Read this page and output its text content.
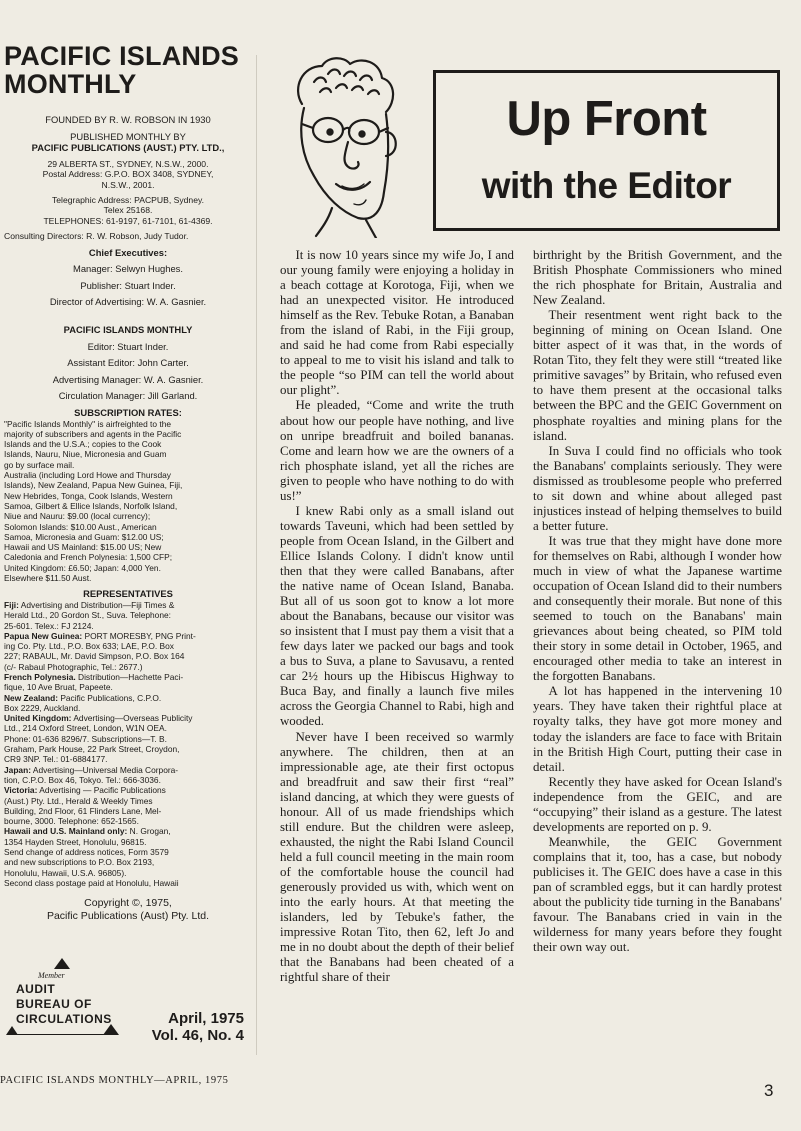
PACIFIC ISLANDS
MONTHLY

FOUNDED BY R. W. ROBSON IN 1930

PUBLISHED MONTHLY BY

PACIFIC PUBLICATIONS (AUST.) PTY. LTD.,

29 ALBERTA ST., SYDNEY, N.S.W., 2000.

Postal Address: G.P.O. BOX 3408, SYDNEY,

N.S.W., 2001.

Telegraphic Address: PACPUB, Sydney.

Telex 25168.

TELEPHONES: 61-9197, 61-7101, 61-4369.

Consulting Directors: R. W. Robson, Judy Tudor.

Chief Executives:

Manager: Selwyn Hughes.

Publisher: Stuart Inder.

Director of Advertising: W. A. Gasnier.

PACIFIC ISLANDS MONTHLY

Editor: Stuart Inder.

Assistant Editor: John Carter.

Advertising Manager: W. A. Gasnier.

Circulation Manager: Jill Garland.

SUBSCRIPTION RATES:

"Pacific Islands Monthly" is airfreighted to the

majority of subscribers and agents in the Pacific

Islands and the U.S.A.; copies to the Cook

Islands, Nauru, Niue, Micronesia and Guam

go by surface mail.

Australia (including Lord Howe and Thursday

Islands), New Zealand, Papua New Guinea, Fiji,

New Hebrides, Tonga, Cook Islands, Western

Samoa, Gilbert & Ellice Islands, Norfolk Island,

Niue and Nauru: $9.00 (local currency);

Solomon Islands: $10.00 Aust., American

Samoa, Micronesia and Guam: $12.00 US;

Hawaii and US Mainland: $15.00 US; New

Caledonia and French Polynesia: 1,500 CFP;

United Kingdom: £6.50; Japan: 4,000 Yen.

Elsewhere $11.50 Aust.

REPRESENTATIVES

Fiji: Advertising and Distribution—Fiji Times &

Herald Ltd., 20 Gordon St., Suva. Telephone:

25-601. Telex.: FJ 2124.

Papua New Guinea: PORT MORESBY, PNG Print-

ing Co. Pty. Ltd., P.O. Box 633; LAE, P.O. Box

227; RABAUL, Mr. David Simpson, P.O. Box 164

(c/- Rabaul Photographic, Tel.: 2677.)

French Polynesia. Distribution—Hachette Paci-

fique, 10 Ave Bruat, Papeete.

New Zealand: Pacific Publications, C.P.O.

Box 2229, Auckland.

United Kingdom: Advertising—Overseas Publicity

Ltd., 214 Oxford Street, London, W1N OEA.

Phone: 01-636 8296/7. Subscriptions—T. B.

Graham, Park House, 22 Park Street, Croydon,

CR9 3NP. Tel.: 01-6884177.

Japan: Advertising—Universal Media Corpora-

tion, C.P.O. Box 46, Tokyo. Tel.: 666-3036.

Victoria: Advertising — Pacific Publications

(Aust.) Pty. Ltd., Herald & Weekly Times

Building, 2nd Floor, 61 Flinders Lane, Mel-

bourne, 3000. Telephone: 652-1565.

Hawaii and U.S. Mainland only: N. Grogan,

1354 Hayden Street, Honolulu, 96815.

Send change of address notices, Form 3579

and new subscriptions to P.O. Box 2193,

Honolulu, Hawaii, U.S.A. 96805).

Second class postage paid at Honolulu, Hawaii

Copyright ©, 1975,

Pacific Publications (Aust) Pty. Ltd.

Member
AUDIT
BUREAU OF
CIRCULATIONS	April, 1975
Vol. 46, No. 4
Up Front
with the Editor

It is now 10 years since my wife Jo, I and our young family were enjoying a holiday in a beach cottage at Korotoga, Fiji, when we had an unexpected visitor. He introduced himself as the Rev. Tebuke Rotan, a Banaban from the island of Rabi, in the Fiji group, and said he had come from Rabi especially to appeal to me to visit his island and talk to the people “so PIM can tell the world about our plight”.

He pleaded, “Come and write the truth about how our people have nothing, and live on unripe breadfruit and boiled bananas. Come and learn how we are the owners of a rich phosphate island, yet all the riches are given to people who have nothing to do with us!”

I knew Rabi only as a small island out towards Taveuni, which had been settled by people from Ocean Island, in the Gilbert and Ellice Islands Colony. I didn't know until then that they were called Banabans, after the native name of Ocean Island, Banaba. But all of us soon got to know a lot more about the Banabans, because our visitor was so insistent that I must pay them a visit that a few days later we packed our bags and took a bus to Suva, a plane to Savusavu, a rented car 2½ hours up the Hibiscus Highway to Buca Bay, and finally a launch five miles across the Georgia Channel to Rabi, high and wooded.

Never have I been received so warmly anywhere. The children, then at an impressionable age, ate their first octopus and breadfruit and saw their first “real” island dancing, at which they were guests of honour. All of us made friendships which still endure. But the children were asleep, exhausted, the night the Rabi Island Council held a full council meeting in the main room of the comfortable house the council had generously provided us with, which went on into the early hours. At that meeting the islanders, led by Tebuke's father, the impressive Rotan Tito, then 62, left Jo and me in no doubt about the depth of their belief that the Banabans had been cheated of a rightful share of their

birthright by the British Government, and the British Phosphate Commissioners who mined the rich phosphate for Britain, Australia and New Zealand.

Their resentment went right back to the beginning of mining on Ocean Island. One bitter aspect of it was that, in the words of Rotan Tito, they felt they were still “treated like primitive savages” by Britain, who refused even to have them present at the occasional talks between the BPC and the GEIC Government on phosphate royalties and mining plans for the island.

In Suva I could find no officials who took the Banabans' complaints seriously. They were dismissed as troublesome people who preferred to sit down and whine about alleged past injustices instead of helping themselves to build a better future.

It was true that they might have done more for themselves on Rabi, although I wonder how much in view of what the Japanese wartime occupation of Ocean Island did to their numbers and consequently their morale. But none of this seemed to touch on the Banabans' main grievances about being cheated, so PIM told their story in some detail in October, 1965, and encouraged other media to take an interest in the forgotten Banabans.

A lot has happened in the intervening 10 years. They have taken their rightful place at royalty talks, they have got more money and today the islanders are face to face with Britain in the British High Court, putting their case in detail.

Recently they have asked for Ocean Island's independence from the GEIC, and are “occupying” their island as a gesture. The latest developments are reported on p. 9.

Meanwhile, the GEIC Government complains that it, too, has a case, but nobody publicises it. The GEIC does have a case in this pan of scrambled eggs, but it can hardly protest about the publicity tide turning in the Banabans' favour. The Banabans cried in vain in the wilderness for many years before they fought their own way out.

PACIFIC ISLANDS MONTHLY—APRIL, 1975
3
